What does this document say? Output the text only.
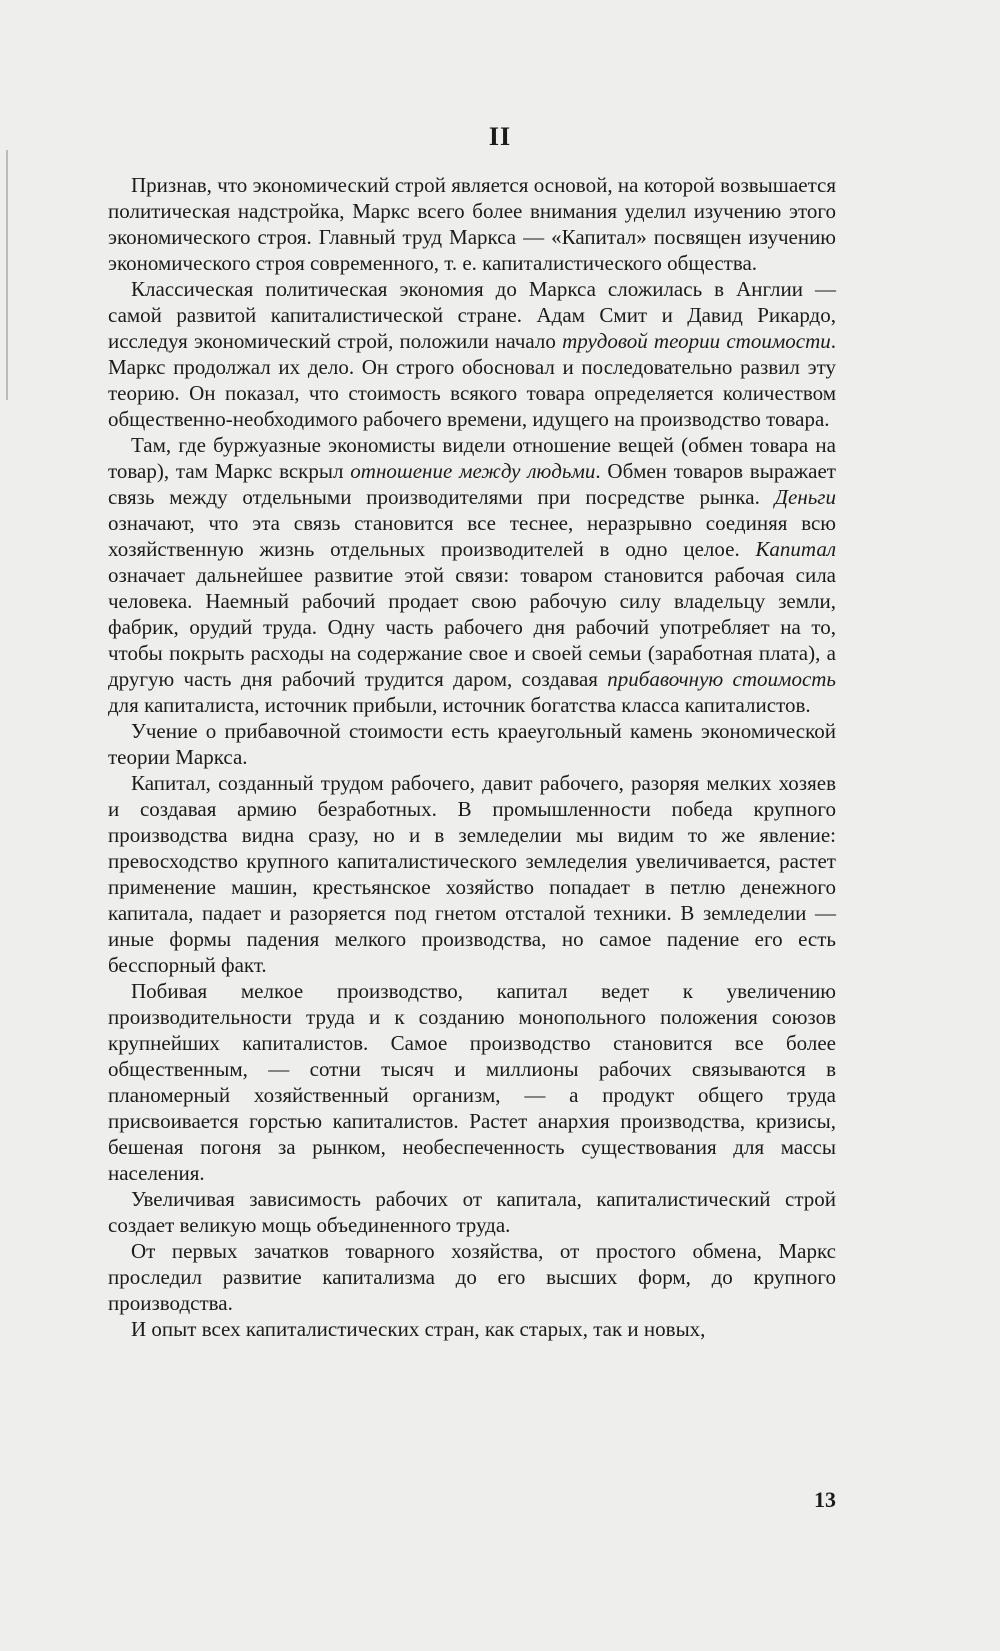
II

Признав, что экономический строй является основой, на которой возвышается политическая надстройка, Маркс всего более внимания уделил изучению этого экономического строя. Главный труд Маркса — «Капитал» посвящен изучению экономического строя современного, т. е. капиталистического общества.

Классическая политическая экономия до Маркса сложилась в Англии — самой развитой капиталистической стране. Адам Смит и Давид Рикардо, исследуя экономический строй, положили начало трудовой теории стоимости. Маркс продолжал их дело. Он строго обосновал и последовательно развил эту теорию. Он показал, что стоимость всякого товара определяется количеством общественно-необходимого рабочего времени, идущего на производство товара.

Там, где буржуазные экономисты видели отношение вещей (обмен товара на товар), там Маркс вскрыл отношение между людьми. Обмен товаров выражает связь между отдельными производителями при посредстве рынка. Деньги означают, что эта связь становится все теснее, неразрывно соединяя всю хозяйственную жизнь отдельных производителей в одно целое. Капитал означает дальнейшее развитие этой связи: товаром становится рабочая сила человека. Наемный рабочий продает свою рабочую силу владельцу земли, фабрик, орудий труда. Одну часть рабочего дня рабочий употребляет на то, чтобы покрыть расходы на содержание свое и своей семьи (заработная плата), а другую часть дня рабочий трудится даром, создавая прибавочную стоимость для капиталиста, источник прибыли, источник богатства класса капиталистов.

Учение о прибавочной стоимости есть краеугольный камень экономической теории Маркса.

Капитал, созданный трудом рабочего, давит рабочего, разоряя мелких хозяев и создавая армию безработных. В промышленности победа крупного производства видна сразу, но и в земледелии мы видим то же явление: превосходство крупного капиталистического земледелия увеличивается, растет применение машин, крестьянское хозяйство попадает в петлю денежного капитала, падает и разоряется под гнетом отсталой техники. В земледелии — иные формы падения мелкого производства, но самое падение его есть бесспорный факт.

Побивая мелкое производство, капитал ведет к увеличению производительности труда и к созданию монопольного положения союзов крупнейших капиталистов. Самое производство становится все более общественным, — сотни тысяч и миллионы рабочих связываются в планомерный хозяйственный организм, — а продукт общего труда присвоивается горстью капиталистов. Растет анархия производства, кризисы, бешеная погоня за рынком, необеспеченность существования для массы населения.

Увеличивая зависимость рабочих от капитала, капиталистический строй создает великую мощь объединенного труда.

От первых зачатков товарного хозяйства, от простого обмена, Маркс проследил развитие капитализма до его высших форм, до крупного производства.

И опыт всех капиталистических стран, как старых, так и новых,

13
